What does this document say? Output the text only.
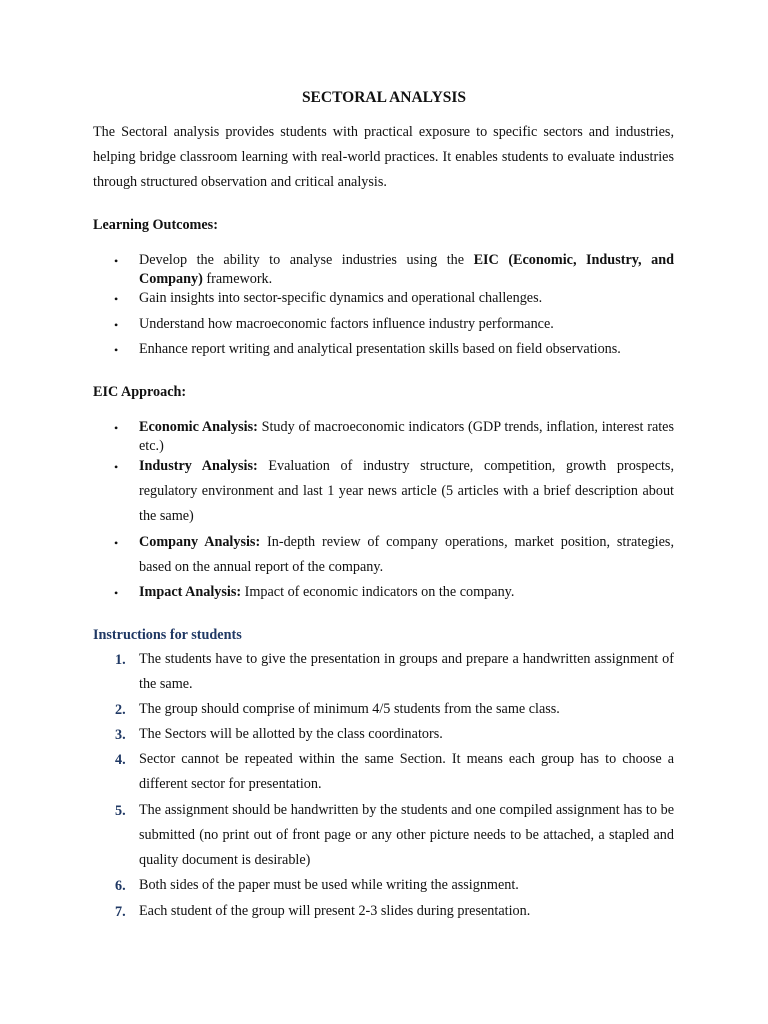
SECTORAL ANALYSIS
The Sectoral analysis provides students with practical exposure to specific sectors and industries, helping bridge classroom learning with real-world practices. It enables students to evaluate industries through structured observation and critical analysis.
Learning Outcomes:
• Develop the ability to analyse industries using the EIC (Economic, Industry, and Company) framework.
• Gain insights into sector-specific dynamics and operational challenges.
• Understand how macroeconomic factors influence industry performance.
• Enhance report writing and analytical presentation skills based on field observations.
EIC Approach:
• Economic Analysis: Study of macroeconomic indicators (GDP trends, inflation, interest rates etc.)
• Industry Analysis: Evaluation of industry structure, competition, growth prospects, regulatory environment and last 1 year news article (5 articles with a brief description about the same)
• Company Analysis: In-depth review of company operations, market position, strategies, based on the annual report of the company.
• Impact Analysis: Impact of economic indicators on the company.
Instructions for students
1. The students have to give the presentation in groups and prepare a handwritten assignment of the same.
2. The group should comprise of minimum 4/5 students from the same class.
3. The Sectors will be allotted by the class coordinators.
4. Sector cannot be repeated within the same Section. It means each group has to choose a different sector for presentation.
5. The assignment should be handwritten by the students and one compiled assignment has to be submitted (no print out of front page or any other picture needs to be attached, a stapled and quality document is desirable)
6. Both sides of the paper must be used while writing the assignment.
7. Each student of the group will present 2-3 slides during presentation.
